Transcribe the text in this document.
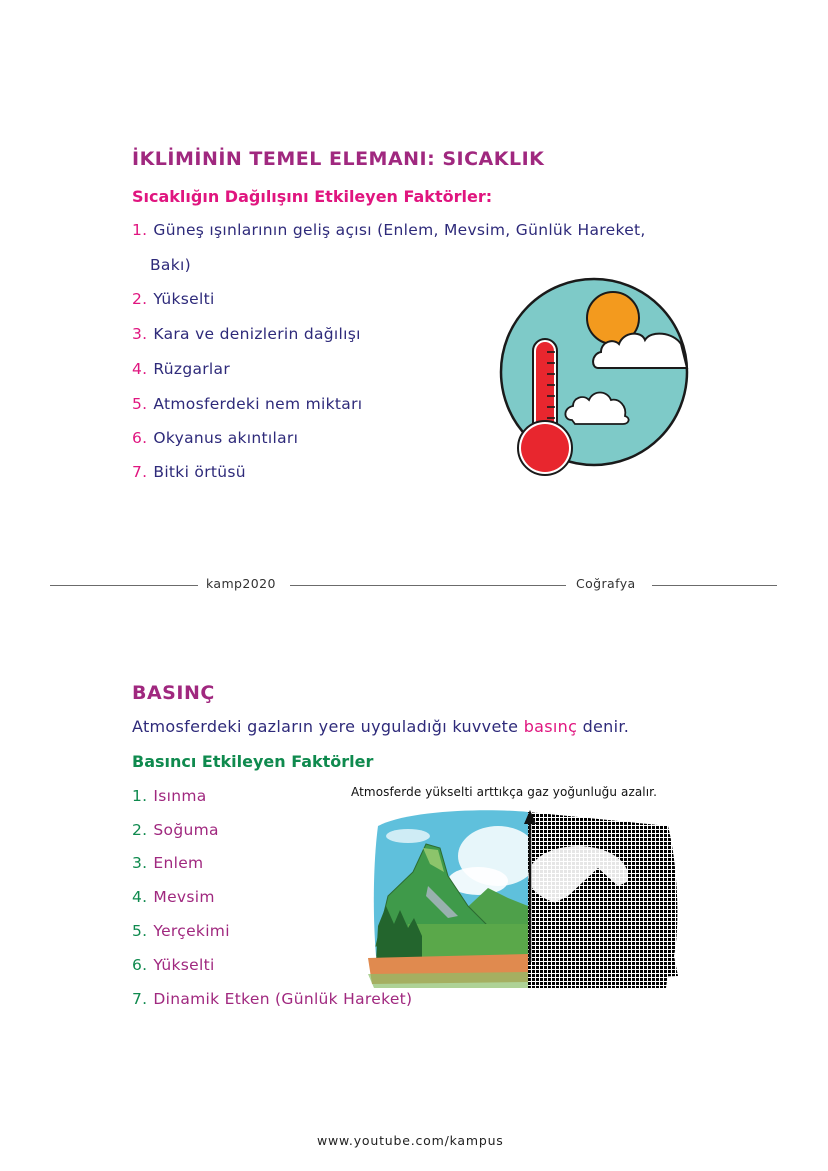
İKLİMİNİN TEMEL ELEMANI: SICAKLIK
Sıcaklığın Dağılışını Etkileyen Faktörler:
1. Güneş ışınlarının geliş açısı (Enlem, Mevsim, Günlük Hareket,
Bakı)
2. Yükselti
3. Kara ve denizlerin dağılışı
4. Rüzgarlar
5. Atmosferdeki nem miktarı
6. Okyanus akıntıları
7. Bitki örtüsü
kamp2020	Coğrafya
BASINÇ
Atmosferdeki gazların yere uyguladığı kuvvete basınç denir.
Basıncı Etkileyen Faktörler
1. Isınma
2. Soğuma
3. Enlem
4. Mevsim
5. Yerçekimi
6. Yükselti
7. Dinamik Etken (Günlük Hareket)
Atmosferde yükselti arttıkça gaz yoğunluğu azalır.
www.youtube.com/kampus
